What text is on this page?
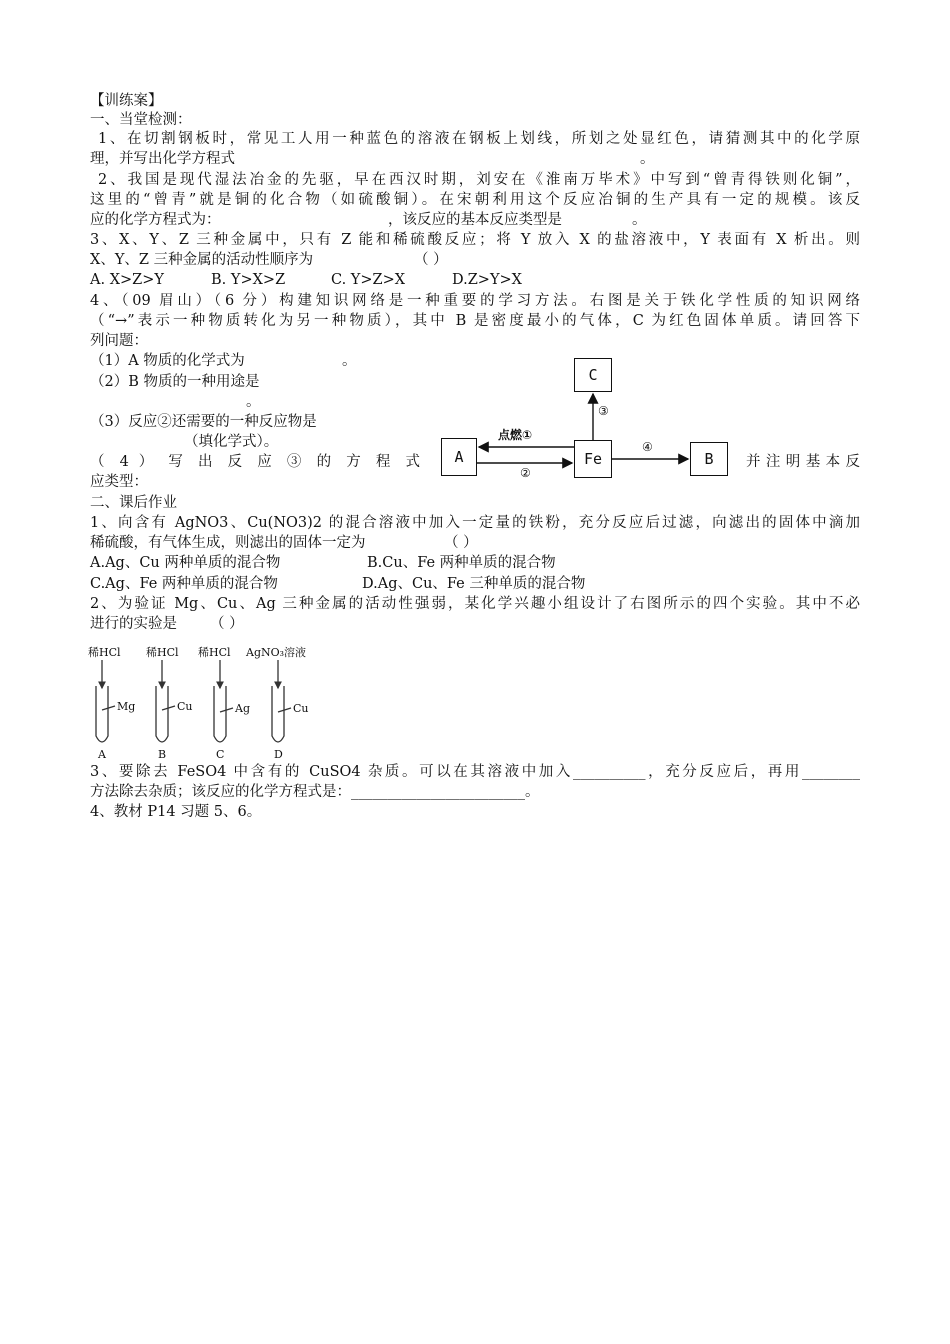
【训练案】
一、当堂检测：
1、在切割钢板时，常见工人用一种蓝色的溶液在钢板上划线，所划之处显红色，请猜测其中的化学原
理，并写出化学方程式	。
2、我国是现代湿法冶金的先驱，早在西汉时期，刘安在《淮南万毕术》中写到“曾青得铁则化铜”，
这里的“曾青”就是铜的化合物（如硫酸铜）。在宋朝利用这个反应冶铜的生产具有一定的规模。该反
应的化学方程式为：	，该反应的基本反应类型是	。
3、X、Y、Z 三种金属中，只有 Z 能和稀硫酸反应；将 Y 放入 X 的盐溶液中，Y 表面有 X 析出。则
X、Y、Z 三种金属的活动性顺序为	（ ）
A. X>Z>Y	B. Y>X>Z	C. Y>Z>X	D.Z>Y>X
4、（09 眉山）（6 分）构建知识网络是一种重要的学习方法。右图是关于铁化学性质的知识网络
（“→”表示一种物质转化为另一种物质），其中 B 是密度最小的气体，C 为红色固体单质。请回答下
列问题：
（1）A 物质的化学式为	。
（2）B 物质的一种用途是
。
（3）反应②还需要的一种反应物是
（填化学式）。
（ 4 ） 写 出 反 应 ③ 的 方 程 式	并注明基本反
应类型：
C
A	Fe	B
点燃①
②
③
④
二、课后作业
1、向含有 AgNO3、Cu(NO3)2 的混合溶液中加入一定量的铁粉，充分反应后过滤，向滤出的固体中滴加
稀硫酸，有气体生成，则滤出的固体一定为	（ ）
A.Ag、Cu 两种单质的混合物	B.Cu、Fe 两种单质的混合物
C.Ag、Fe 两种单质的混合物	D.Ag、Cu、Fe 三种单质的混合物
2、为验证 Mg、Cu、Ag 三种金属的活动性强弱，某化学兴趣小组设计了右图所示的四个实验。其中不必
进行的实验是 （ ）
稀HCl 稀HCl 稀HCl AgNO₃溶液
Mg	Cu	Ag	Cu
A	B	C	D
3、要除去 FeSO4 中含有的 CuSO4 杂质。可以在其溶液中加入__________，充分反应后，再用________
方法除去杂质；该反应的化学方程式是：________________________。
4、教材 P14 习题 5、6。
